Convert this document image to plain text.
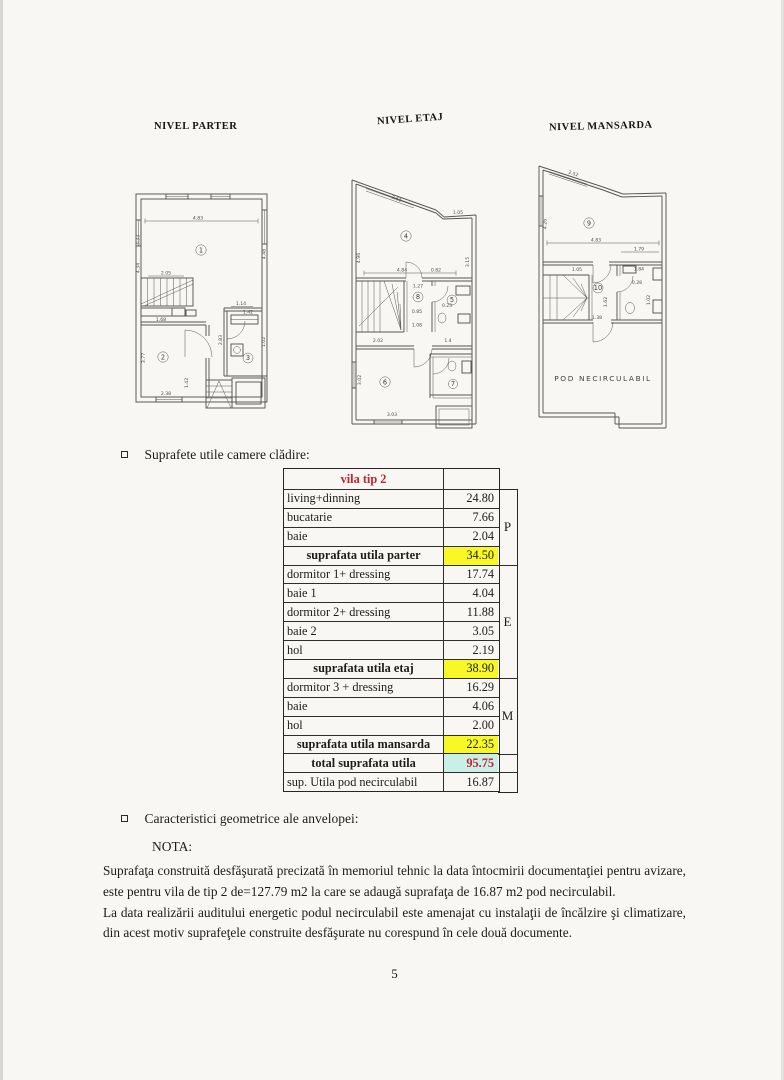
NIVEL PARTER	NIVEL ETAJ	NIVEL MANSARDA
4.83
3.33
4.34
4.48
1
2.05
1.68
2
3.77
2.38
1.42
1.14
1.42
3
2.83	1.02
2.52
1.05
4.96	3.15
4
4.84	0.82
8
1.27
0.85
1.08
0.23
5
2.02	1.4
6
3.02
3.03
7
2.52
4.26	9
4.83
1.79
1.84
0.28
1.05
1.02
1.62
1.38
10
POD NECIRCULABIL
Suprafete utile camere clădire:
vila tip 2
living+dinning	24.80
bucatarie	7.66
baie	2.04
suprafata utila parter	34.50
dormitor 1+ dressing	17.74
baie 1	4.04
dormitor 2+ dressing	11.88
baie 2	3.05
hol	2.19
suprafata utila etaj	38.90
dormitor 3 + dressing	16.29
baie	4.06
hol	2.00
suprafata utila mansarda	22.35
total suprafata utila	95.75
sup. Utila pod necirculabil	16.87
P
E
M
Caracteristici geometrice ale anvelopei:
NOTA:
Suprafaţa construită desfăşurată precizată în memoriul tehnic la data întocmirii documentaţiei pentru avizare, este pentru vila de tip 2 de=127.79 m2 la care se adaugă suprafaţa de 16.87 m2 pod necirculabil.
La data realizării auditului energetic podul necirculabil este amenajat cu instalaţii de încălzire şi climatizare, din acest motiv suprafeţele construite desfăşurate nu corespund în cele două documente.
5
